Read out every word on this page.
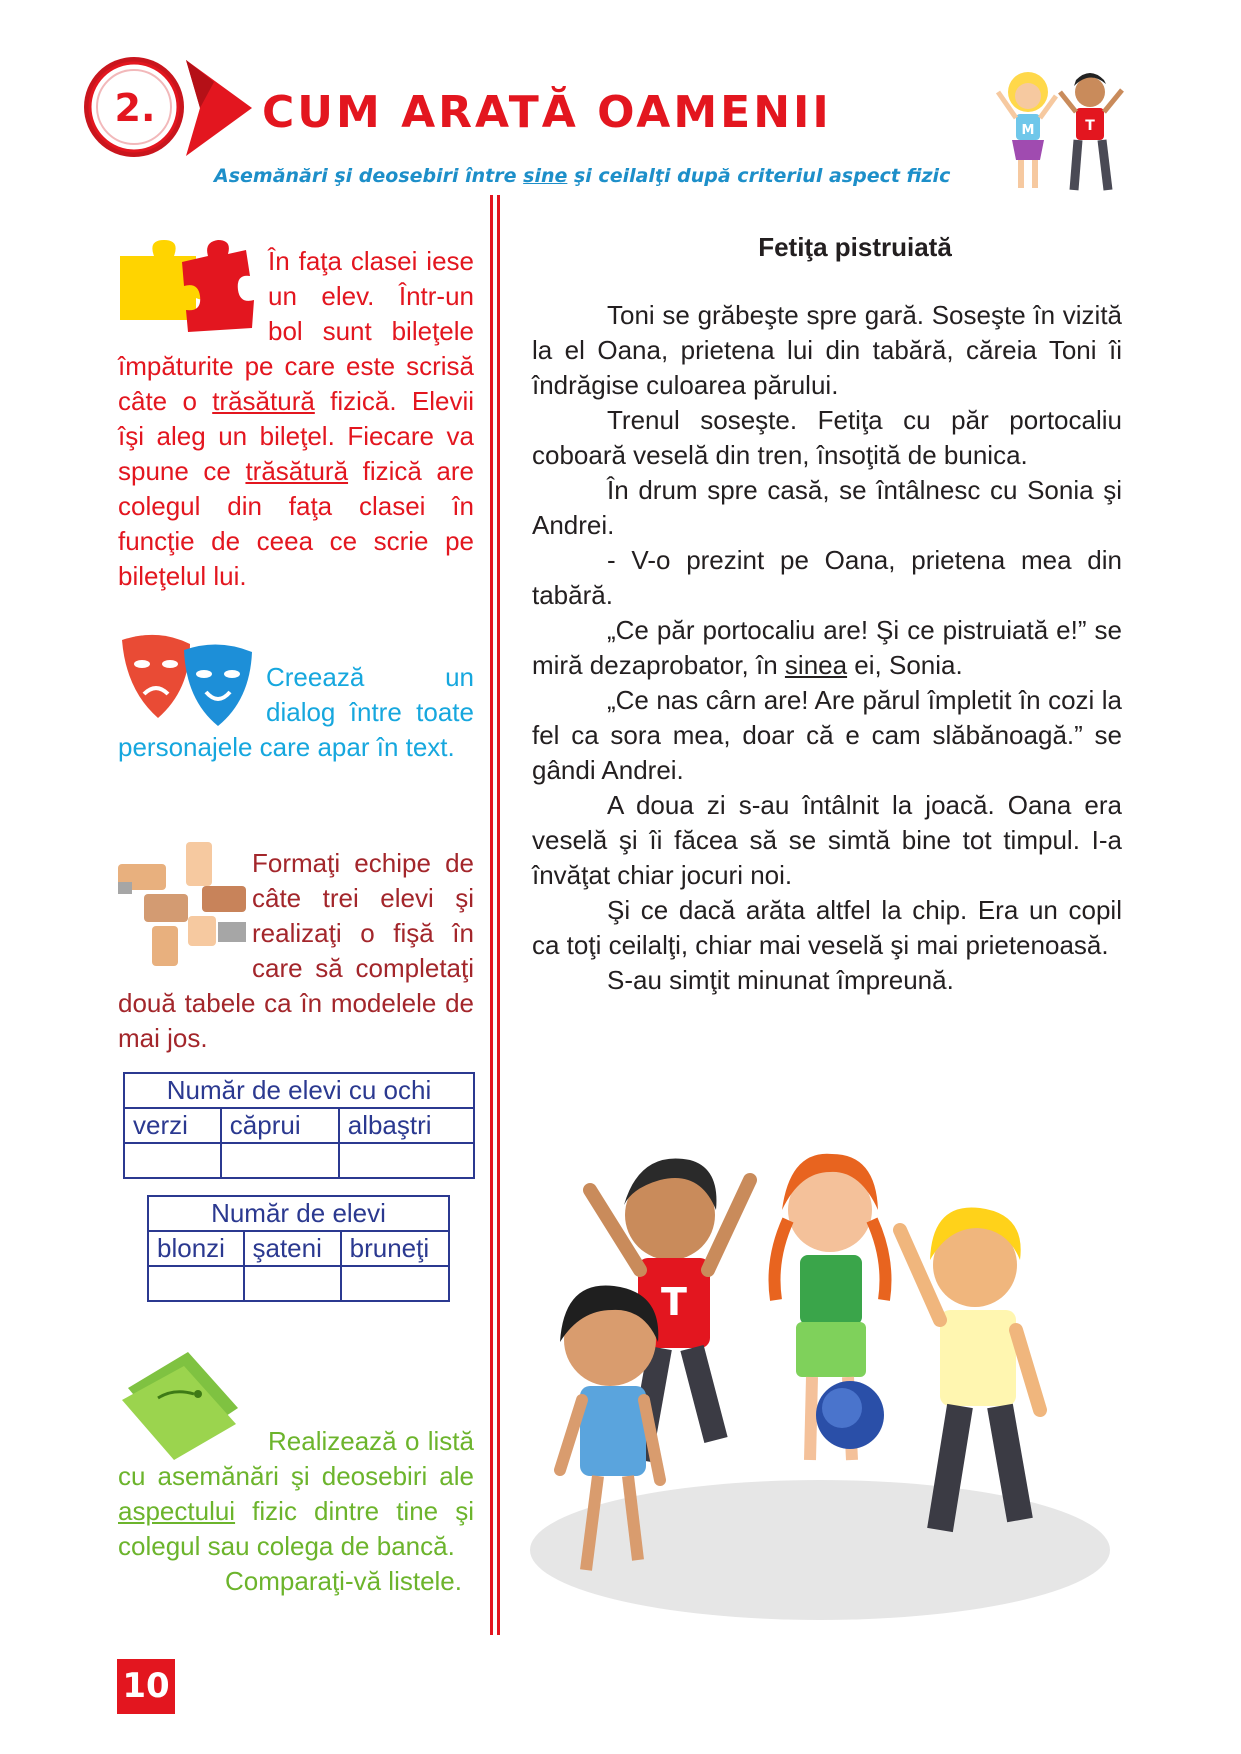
2.	CUM ARATĂ OAMENII
Asemănări şi deosebiri între sine şi ceilalţi după criteriul aspect fizic
M	T
În faţa clasei iese un elev. Într-un bol sunt bileţele împăturite pe care este scrisă câte o trăsătură fizică. Elevii îşi aleg un bileţel. Fiecare va spune ce trăsătură fizică are colegul din faţa clasei în funcţie de ceea ce scrie pe bileţelul lui.
Creează un dialog între toate personajele care apar în text.
Formaţi echipe de câte trei elevi şi realizaţi o fişă în care să completaţi două tabele ca în modelele de mai jos.
Număr de elevi cu ochi		
verzi	căprui	albaştri

Număr de elevi		
blonzi	şateni	bruneţi

Realizează o listă cu asemănări şi deosebiri ale aspectului fizic dintre tine şi colegul sau colega de bancă.
Comparaţi-vă listele.
Fetiţa pistruiată

Toni se grăbeşte spre gară. Soseşte în vizită la el Oana, prietena lui din tabără, căreia Toni îi îndrăgise culoarea părului.

Trenul soseşte. Fetiţa cu păr portocaliu coboară veselă din tren, însoţită de bunica.

În drum spre casă, se întâlnesc cu Sonia şi Andrei.

- V-o prezint pe Oana, prietena mea din tabără.

„Ce păr portocaliu are! Şi ce pistruiată e!” se miră dezaprobator, în sinea ei, Sonia.

„Ce nas cârn are! Are părul împletit în cozi la fel ca sora mea, doar că e cam slăbănoagă.” se gândi Andrei.

A doua zi s-au întâlnit la joacă. Oana era veselă şi îi făcea să se simtă bine tot timpul. I-a învăţat chiar jocuri noi.

Şi ce dacă arăta altfel la chip. Era un copil ca toţi ceilalţi, chiar mai veselă şi mai prietenoasă.

S-au simţit minunat împreună.

T
10
